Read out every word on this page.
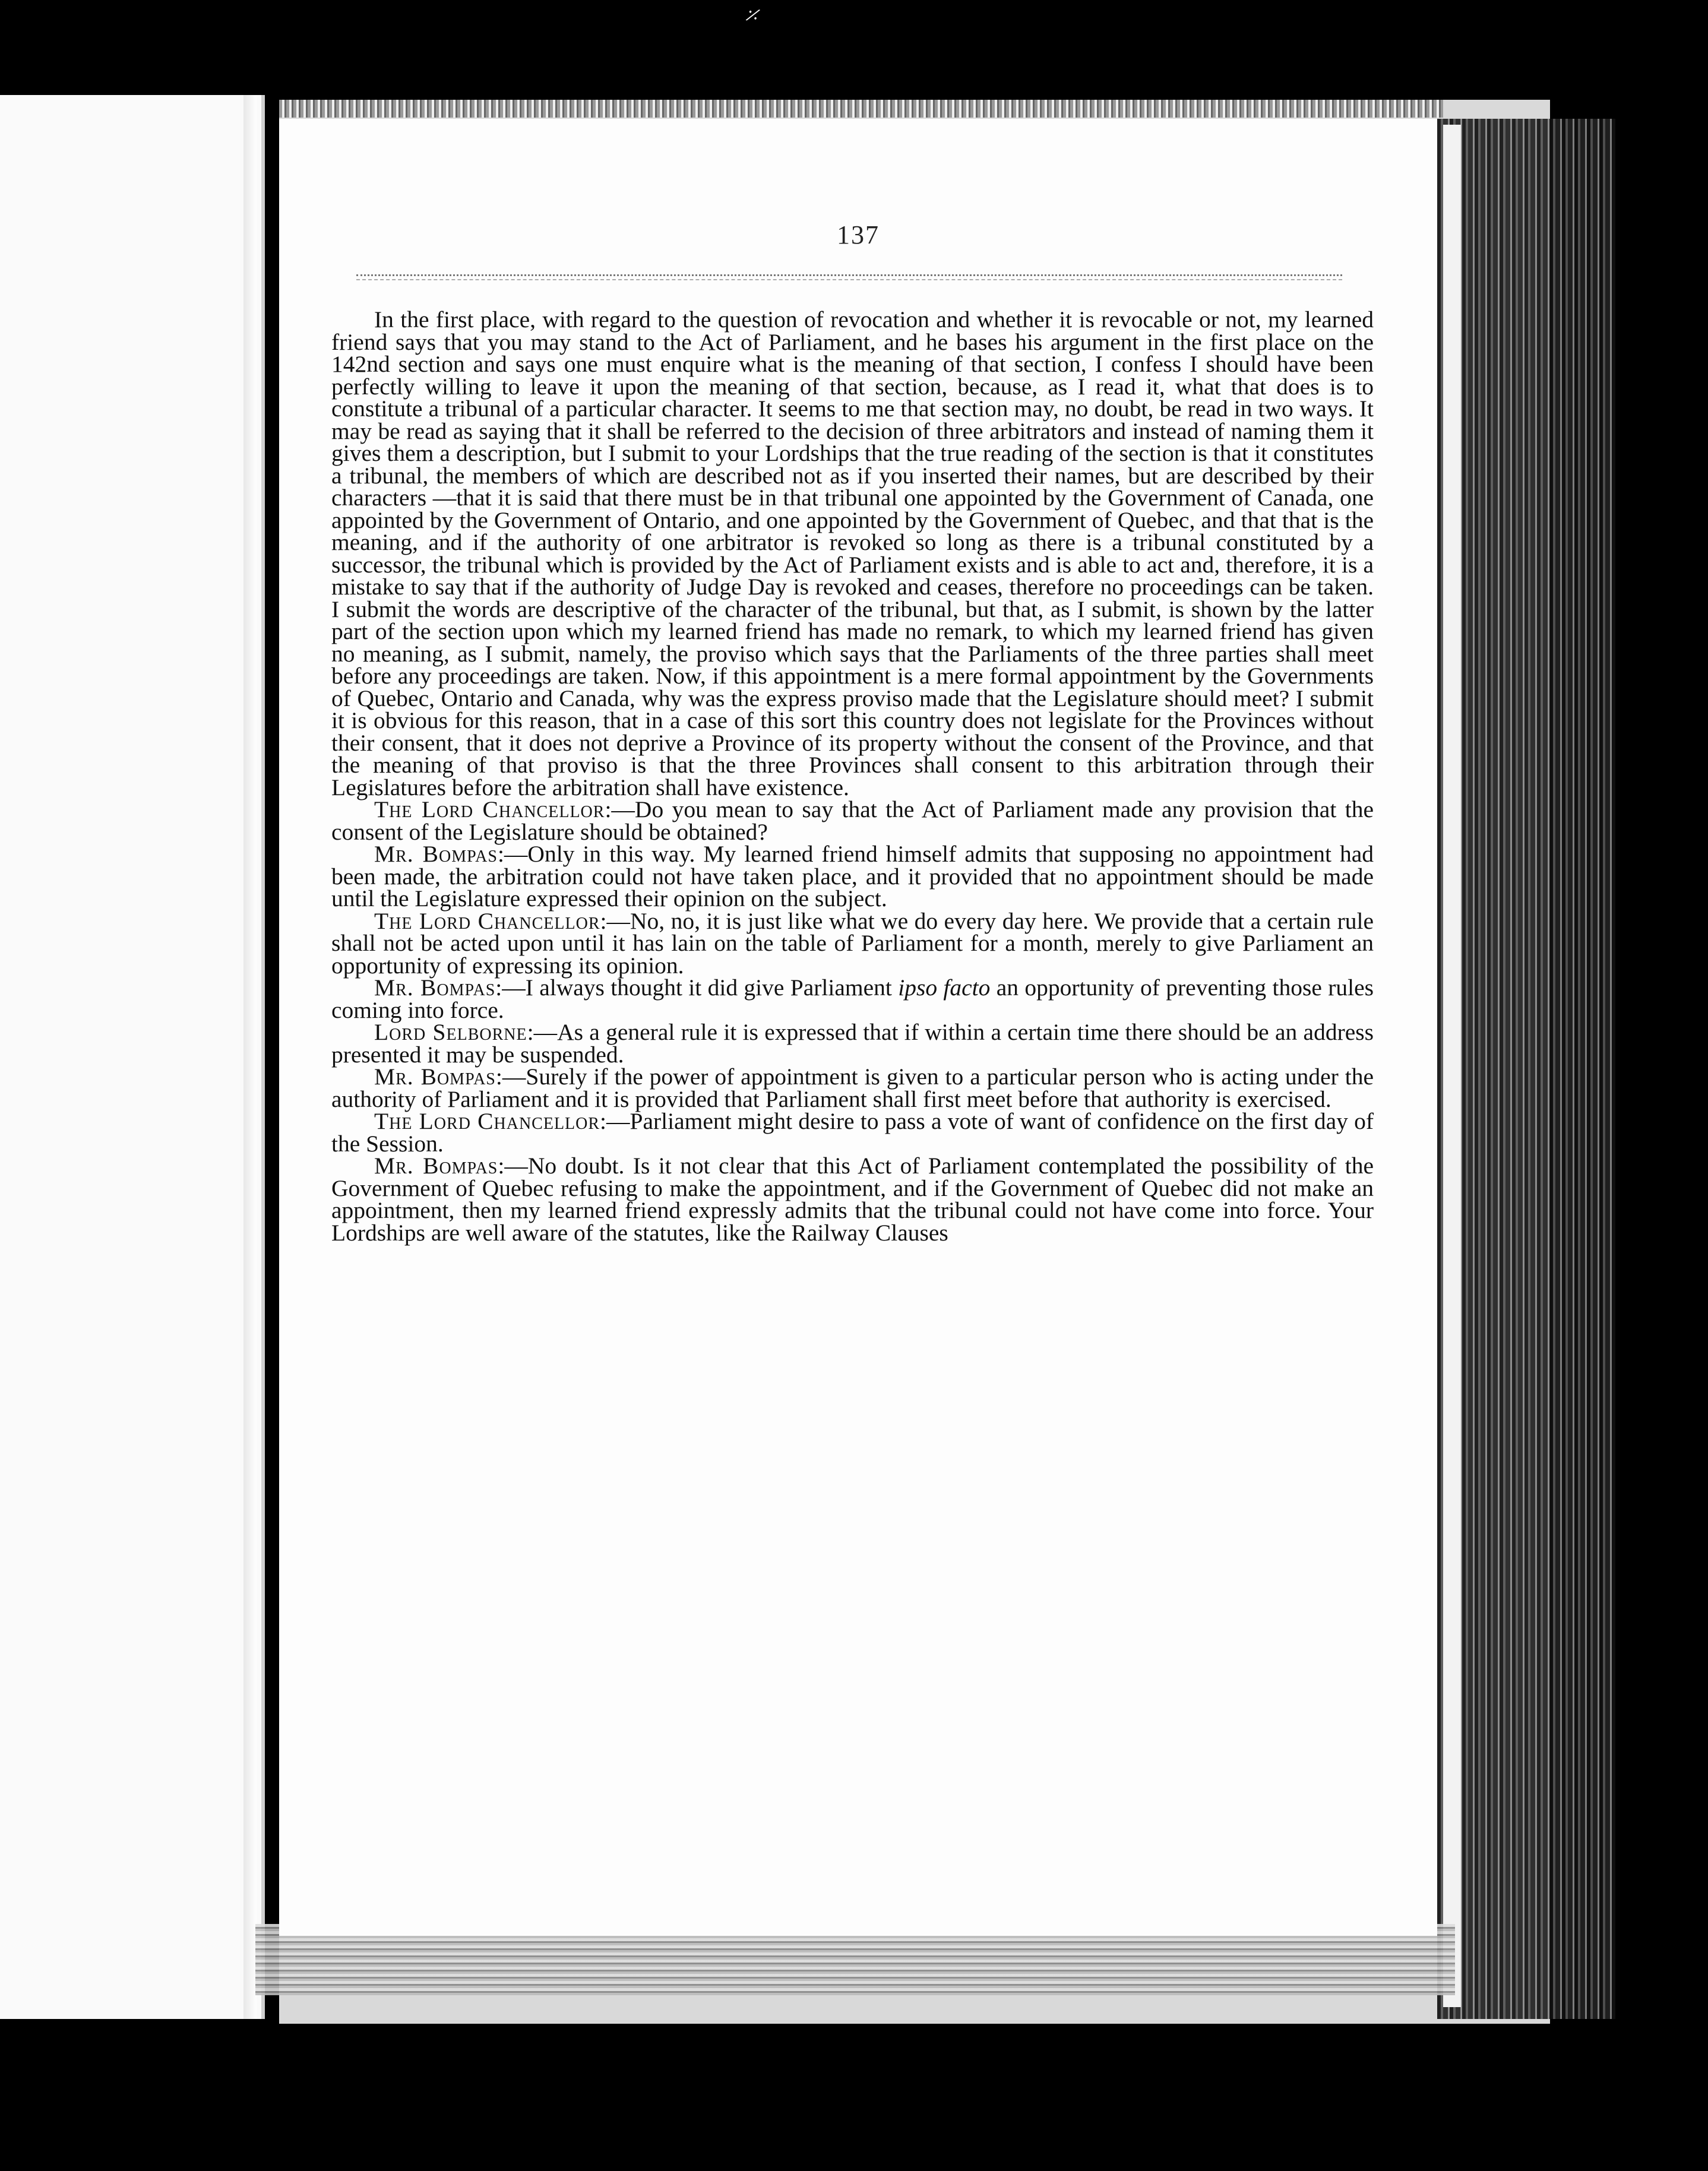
⸓
137

In the first place, with regard to the question of revocation and whether it is revocable or not, my learned friend says that you may stand to the Act of Parliament, and he bases his argument in the first place on the 142nd section and says one must enquire what is the meaning of that section, I confess I should have been perfectly willing to leave it upon the meaning of that section, because, as I read it, what that does is to constitute a tribunal of a particular character. It seems to me that section may, no doubt, be read in two ways. It may be read as saying that it shall be referred to the decision of three arbitrators and instead of naming them it gives them a description, but I submit to your Lordships that the true reading of the section is that it constitutes a tribunal, the members of which are described not as if you inserted their names, but are described by their characters —that it is said that there must be in that tribunal one appointed by the Government of Canada, one appointed by the Government of Ontario, and one appointed by the Government of Quebec, and that that is the meaning, and if the authority of one arbitrator is revoked so long as there is a tribunal constituted by a successor, the tribunal which is provided by the Act of Parliament exists and is able to act and, therefore, it is a mistake to say that if the authority of Judge Day is revoked and ceases, therefore no proceedings can be taken. I submit the words are descriptive of the character of the tribunal, but that, as I submit, is shown by the latter part of the section upon which my learned friend has made no remark, to which my learned friend has given no meaning, as I submit, namely, the proviso which says that the Parliaments of the three parties shall meet before any proceedings are taken. Now, if this appointment is a mere formal appointment by the Governments of Quebec, Ontario and Canada, why was the express proviso made that the Legislature should meet? I submit it is obvious for this reason, that in a case of this sort this country does not legislate for the Provinces without their consent, that it does not deprive a Province of its property without the consent of the Province, and that the meaning of that proviso is that the three Provinces shall consent to this arbitration through their Legislatures before the arbitration shall have existence.

The Lord Chancellor:—Do you mean to say that the Act of Parliament made any provision that the consent of the Legislature should be obtained?

Mr. Bompas:—Only in this way. My learned friend himself admits that supposing no appointment had been made, the arbitration could not have taken place, and it provided that no appointment should be made until the Legislature expressed their opinion on the subject.

The Lord Chancellor:—No, no, it is just like what we do every day here. We provide that a certain rule shall not be acted upon until it has lain on the table of Parliament for a month, merely to give Parliament an opportunity of expressing its opinion.

Mr. Bompas:—I always thought it did give Parliament ipso facto an opportunity of preventing those rules coming into force.

Lord Selborne:—As a general rule it is expressed that if within a certain time there should be an address presented it may be suspended.

Mr. Bompas:—Surely if the power of appointment is given to a particular person who is acting under the authority of Parliament and it is provided that Parliament shall first meet before that authority is exercised.

The Lord Chancellor:—Parliament might desire to pass a vote of want of confidence on the first day of the Session.

Mr. Bompas:—No doubt. Is it not clear that this Act of Parliament contemplated the possibility of the Government of Quebec refusing to make the appointment, and if the Government of Quebec did not make an appointment, then my learned friend expressly admits that the tribunal could not have come into force. Your Lordships are well aware of the statutes, like the Railway Clauses
